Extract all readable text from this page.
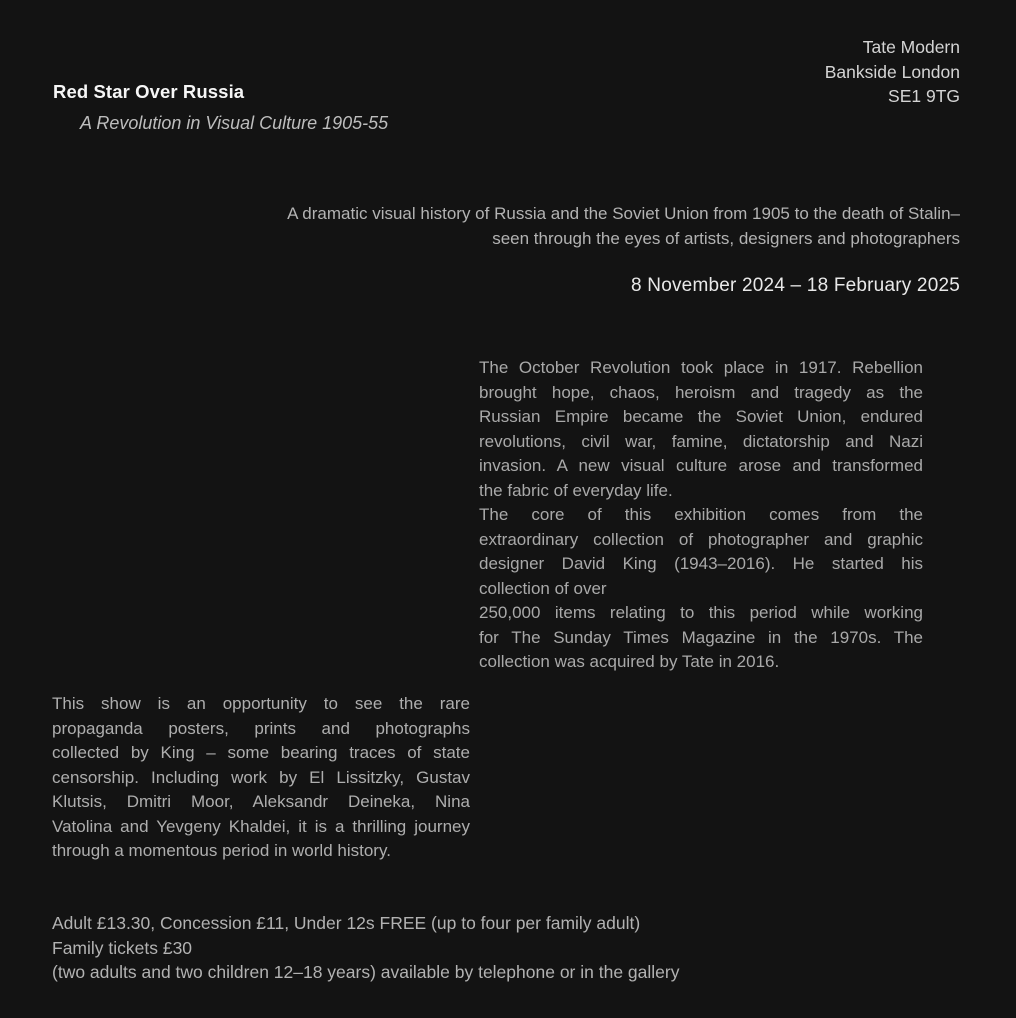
Tate Modern
Bankside London
SE1 9TG
Red Star Over Russia
A Revolution in Visual Culture 1905-55
A dramatic visual history of Russia and the Soviet Union from 1905 to the death of Stalin–
seen through the eyes of artists, designers and photographers
8 November 2024 – 18 February 2025
The October Revolution took place in 1917. Rebellion
brought hope, chaos, heroism and tragedy as the
Russian Empire became the Soviet Union, endured
revolutions, civil war, famine, dictatorship and Nazi
invasion. A new visual culture arose and transformed
the fabric of everyday life.
The core of this exhibition comes from the
extraordinary collection of photographer and graphic
designer David King (1943–2016). He started his
collection of over
250,000 items relating to this period while working
for The Sunday Times Magazine in the 1970s. The
collection was acquired by Tate in 2016.
This show is an opportunity to see the rare
propaganda posters, prints and photographs
collected by King – some bearing traces of state
censorship. Including work by El Lissitzky, Gustav
Klutsis, Dmitri Moor, Aleksandr Deineka, Nina
Vatolina and Yevgeny Khaldei, it is a thrilling journey
through a momentous period in world history.
Adult £13.30, Concession £11, Under 12s FREE (up to four per family adult)
Family tickets £30
(two adults and two children 12–18 years) available by telephone or in the gallery
